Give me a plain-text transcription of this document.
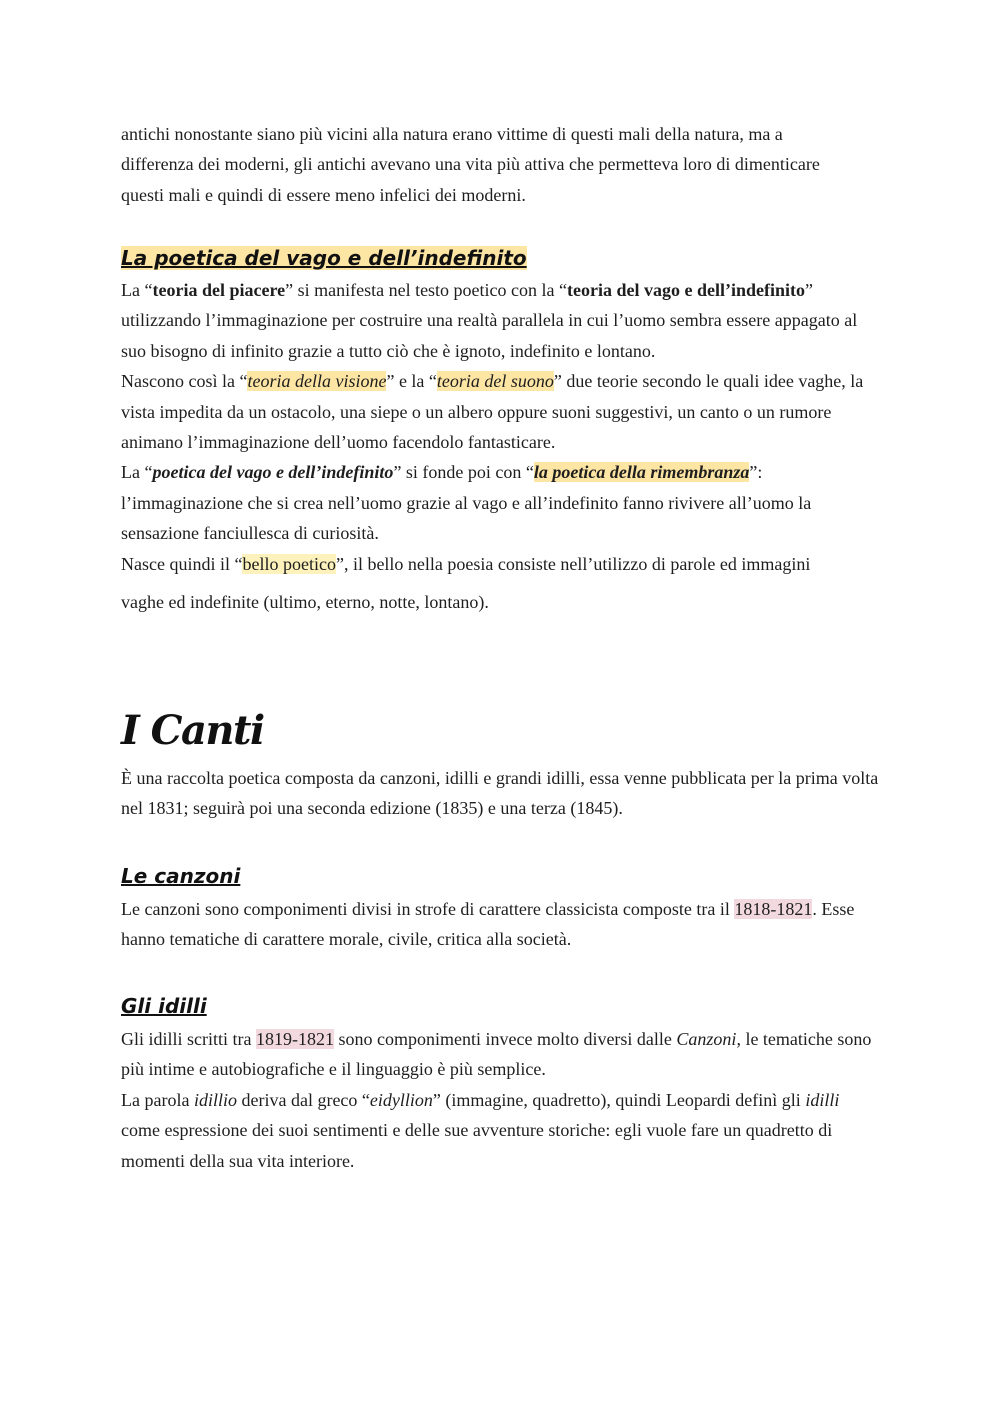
antichi nonostante siano più vicini alla natura erano vittime di questi mali della natura, ma a

differenza dei moderni, gli antichi avevano una vita più attiva che permetteva loro di dimenticare

questi mali e quindi di essere meno infelici dei moderni.

La poetica del vago e dell’indefinito

La “teoria del piacere” si manifesta nel testo poetico con la “teoria del vago e dell’indefinito” utilizzando l’immaginazione per costruire una realtà parallela in cui l’uomo sembra essere appagato al suo bisogno di infinito grazie a tutto ciò che è ignoto, indefinito e lontano.

Nascono così la “teoria della visione” e la “teoria del suono” due teorie secondo le quali idee vaghe, la vista impedita da un ostacolo, una siepe o un albero oppure suoni suggestivi, un canto o un rumore animano l’immaginazione dell’uomo facendolo fantasticare.

La “poetica del vago e dell’indefinito” si fonde poi con “la poetica della rimembranza”: l’immaginazione che si crea nell’uomo grazie al vago e all’indefinito fanno rivivere all’uomo la sensazione fanciullesca di curiosità.

Nasce quindi il “bello poetico”, il bello nella poesia consiste nell’utilizzo di parole ed immagini

vaghe ed indefinite (ultimo, eterno, notte, lontano).

I Canti

È una raccolta poetica composta da canzoni, idilli e grandi idilli, essa venne pubblicata per la prima volta nel 1831; seguirà poi una seconda edizione (1835) e una terza (1845).

Le canzoni

Le canzoni sono componimenti divisi in strofe di carattere classicista composte tra il 1818-1821. Esse hanno tematiche di carattere morale, civile, critica alla società.

Gli idilli

Gli idilli scritti tra 1819-1821 sono componimenti invece molto diversi dalle Canzoni, le tematiche sono più intime e autobiografiche e il linguaggio è più semplice.

La parola idillio deriva dal greco “eidyllion” (immagine, quadretto), quindi Leopardi definì gli idilli come espressione dei suoi sentimenti e delle sue avventure storiche: egli vuole fare un quadretto di momenti della sua vita interiore.
